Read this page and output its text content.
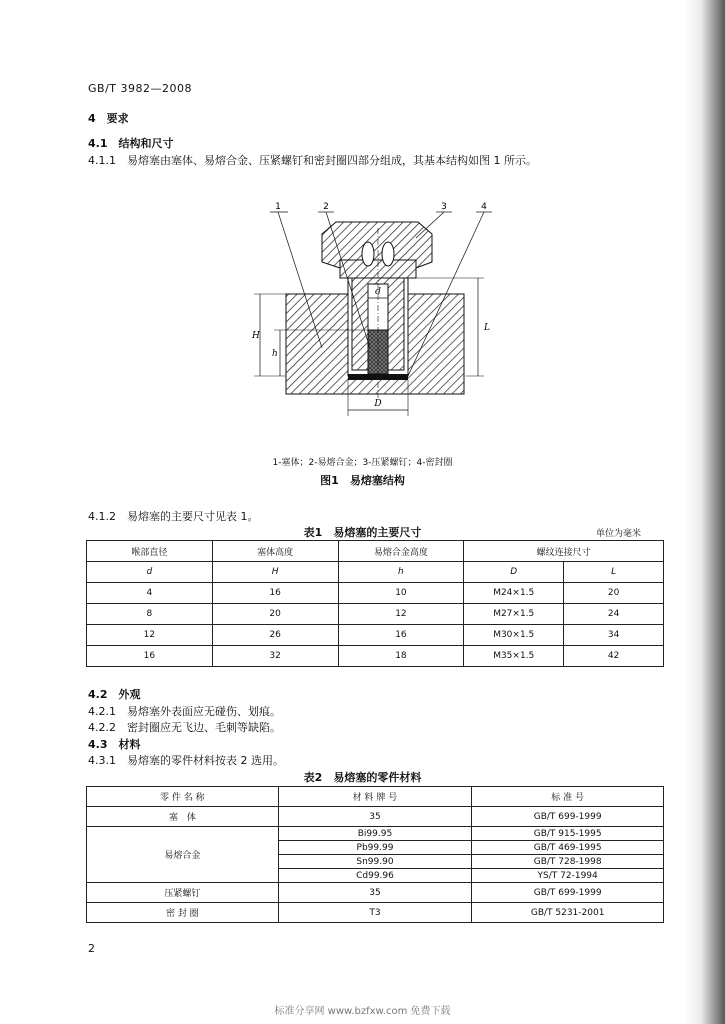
GB/T 3982—2008
4　要求
4.1　结构和尺寸
4.1.1　易熔塞由塞体、易熔合金、压紧螺钉和密封圈四部分组成，其基本结构如图 1 所示。
1	2	3	4
H
h
L
d
D
1-塞体；2-易熔合金；3-压紧螺钉；4-密封圈
图1　易熔塞结构
4.1.2　易熔塞的主要尺寸见表 1。
表1　易熔塞的主要尺寸	单位为毫米
喉部直径	塞体高度	易熔合金高度	螺纹连接尺寸	
d	H	h	D	L
4	16	10	M24×1.5	20
8	20	12	M27×1.5	24
12	26	16	M30×1.5	34
16	32	18	M35×1.5	42
4.2　外观
4.2.1　易熔塞外表面应无碰伤、划痕。
4.2.2　密封圈应无飞边、毛刺等缺陷。
4.3　材料
4.3.1　易熔塞的零件材料按表 2 选用。
表2　易熔塞的零件材料
零 件 名 称	材 料 牌 号	标 准 号
塞　体	35	GB/T 699-1999
易熔合金	Bi99.95	GB/T 915-1995
	Pb99.99	GB/T 469-1995
	Sn99.90	GB/T 728-1998
	Cd99.96	YS/T 72-1994
压紧螺钉	35	GB/T 699-1999
密 封 圈	T3	GB/T 5231-2001
2
标准分享网 www.bzfxw.com 免费下载
